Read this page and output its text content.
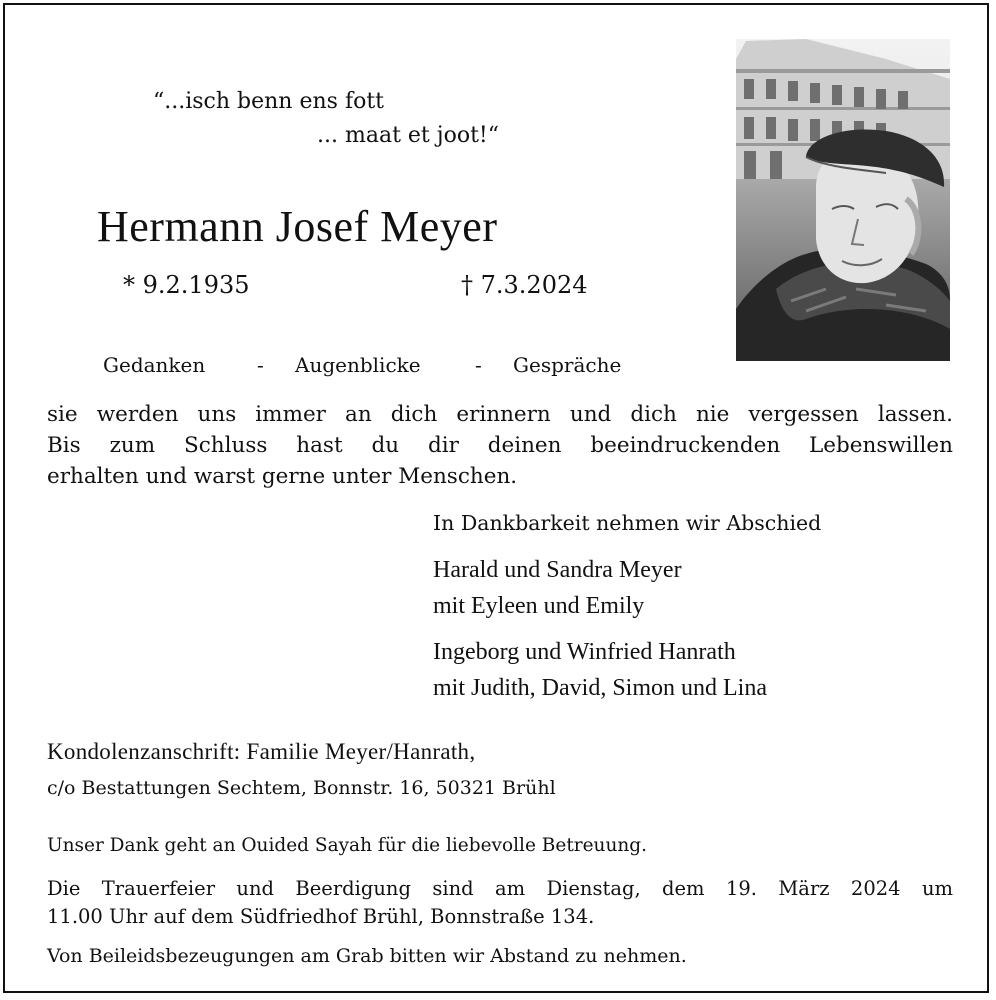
“...isch benn ens fott
... maat et joot!“
Hermann Josef Meyer
* 9.2.1935	† 7.3.2024
Gedanken	- Augenblicke	- Gespräche
sie werden uns immer an dich erinnern und dich nie vergessen lassen.
Bis zum Schluss hast du dir deinen beeindruckenden Lebenswillen
erhalten und warst gerne unter Menschen.
In Dankbarkeit nehmen wir Abschied
Harald und Sandra Meyer
mit Eyleen und Emily
Ingeborg und Winfried Hanrath
mit Judith, David, Simon und Lina
Kondolenzanschrift: Familie Meyer/Hanrath,
c/o Bestattungen Sechtem, Bonnstr. 16, 50321 Brühl
Unser Dank geht an Ouided Sayah für die liebevolle Betreuung.
Die Trauerfeier und Beerdigung sind am Dienstag, dem 19. März 2024 um
11.00 Uhr auf dem Südfriedhof Brühl, Bonnstraße 134.
Von Beileidsbezeugungen am Grab bitten wir Abstand zu nehmen.
